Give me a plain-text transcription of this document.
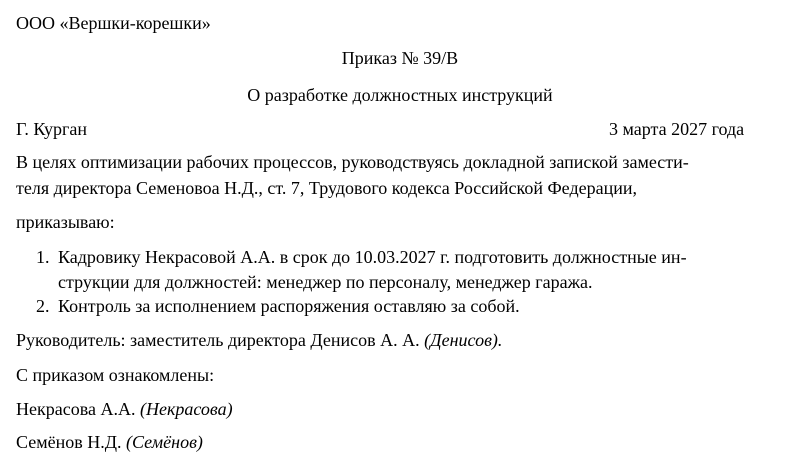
ООО «Вершки-корешки»
Приказ № 39/В
О разработке должностных инструкций
Г. Курган	3 марта 2027 года
В целях оптимизации рабочих процессов, руководствуясь докладной запиской замести-
теля директора Семеновоа Н.Д., ст. 7, Трудового кодекса Российской Федерации,
приказываю:
1. Кадровику Некрасовой А.А. в срок до 10.03.2027 г. подготовить должностные ин-
струкции для должностей: менеджер по персоналу, менеджер гаража.
2. Контроль за исполнением распоряжения оставляю за собой.
Руководитель: заместитель директора Денисов А. А. (Денисов).
С приказом ознакомлены:
Некрасова А.А. (Некрасова)
Семёнов Н.Д. (Семёнов)
